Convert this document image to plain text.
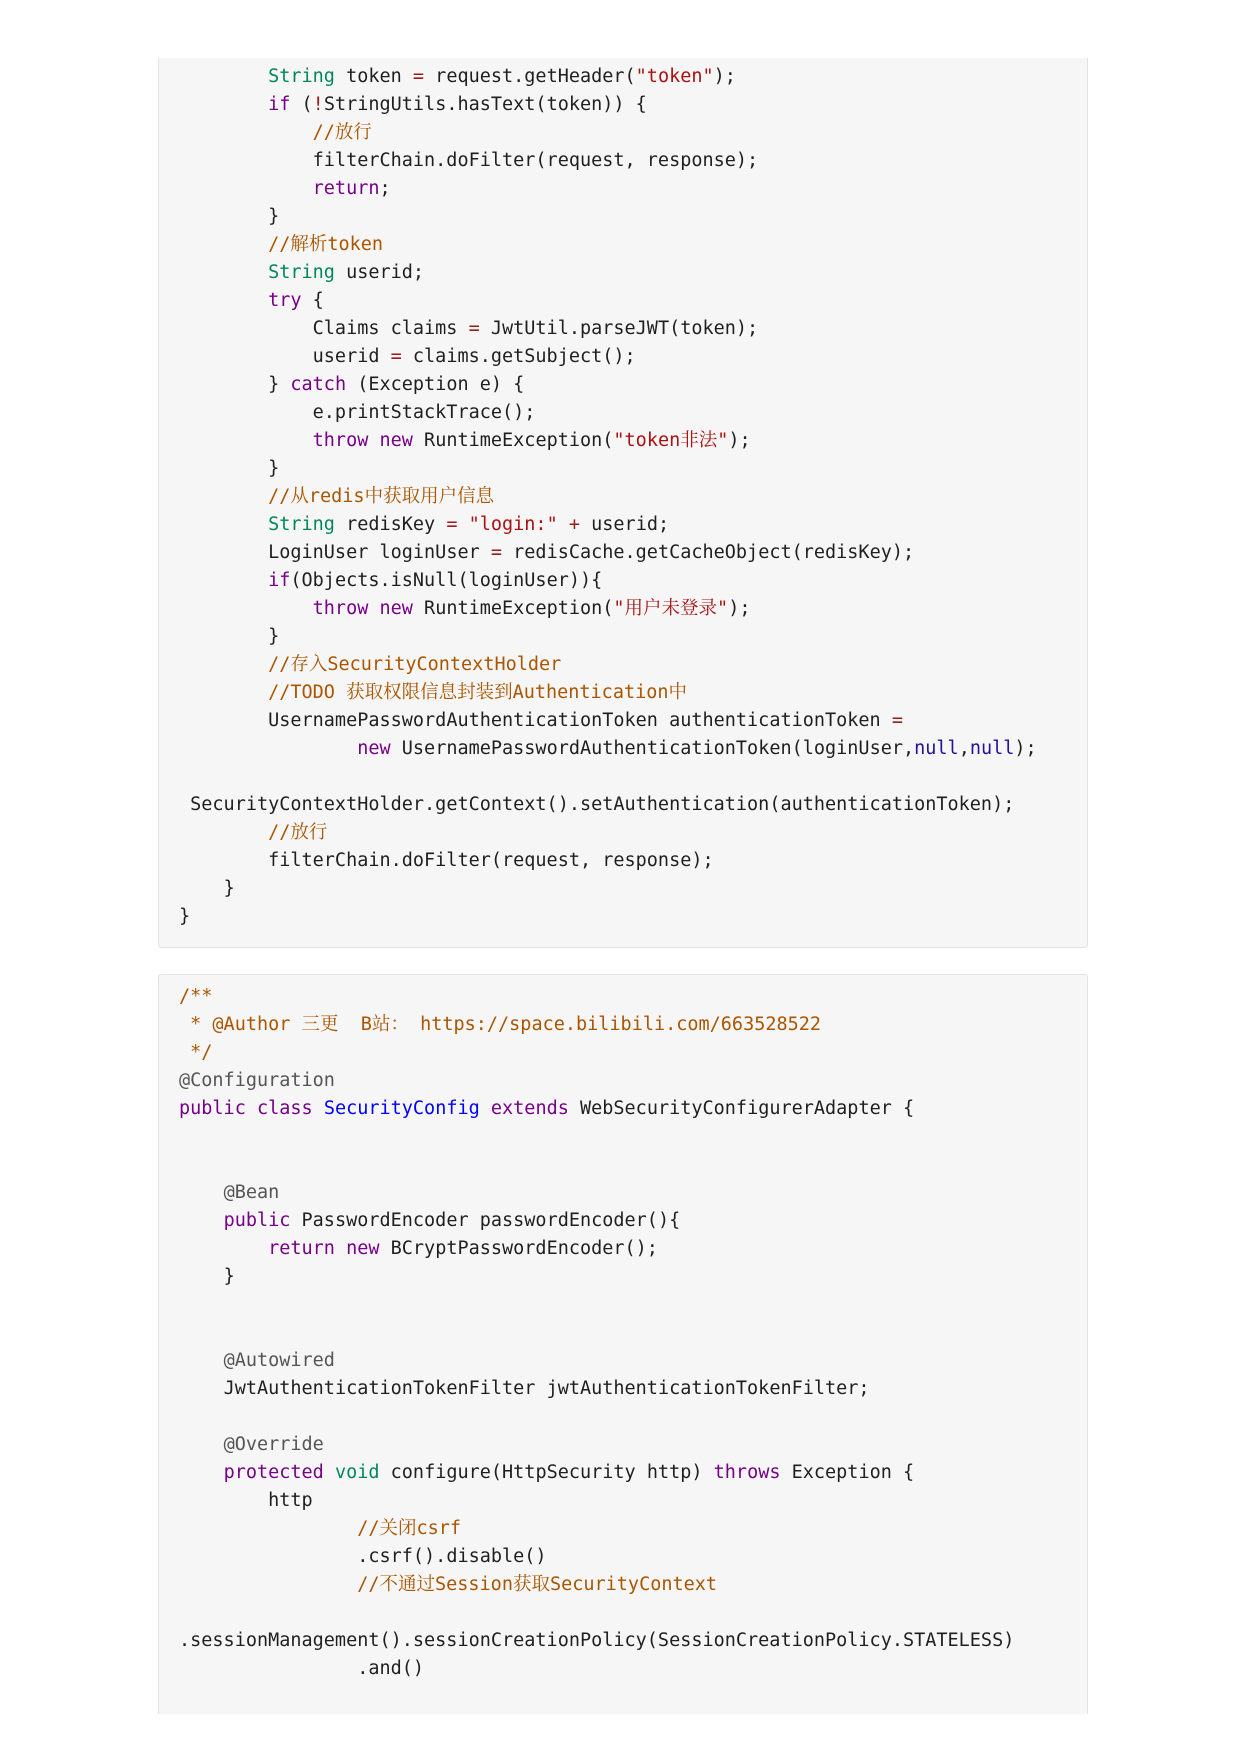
String token = request.getHeader("token");
if (!StringUtils.hasText(token)) {
//放行
filterChain.doFilter(request, response);
return;
}
//解析token
String userid;
try {
Claims claims = JwtUtil.parseJWT(token);
userid = claims.getSubject();
} catch (Exception e) {
e.printStackTrace();
throw new RuntimeException("token非法");
}
//从redis中获取用户信息
String redisKey = "login:" + userid;
LoginUser loginUser = redisCache.getCacheObject(redisKey);
if(Objects.isNull(loginUser)){
throw new RuntimeException("用户未登录");
}
//存入SecurityContextHolder
//TODO 获取权限信息封装到Authentication中
UsernamePasswordAuthenticationToken authenticationToken =
new UsernamePasswordAuthenticationToken(loginUser,null,null);
SecurityContextHolder.getContext().setAuthentication(authenticationToken);
//放行
filterChain.doFilter(request, response);
}
}
/**
* @Author 三更  B站： https://space.bilibili.com/663528522
*/
@Configuration
public class SecurityConfig extends WebSecurityConfigurerAdapter {
@Bean
public PasswordEncoder passwordEncoder(){
return new BCryptPasswordEncoder();
}
@Autowired
JwtAuthenticationTokenFilter jwtAuthenticationTokenFilter;
@Override
protected void configure(HttpSecurity http) throws Exception {
http
//关闭csrf
.csrf().disable()
//不通过Session获取SecurityContext
.sessionManagement().sessionCreationPolicy(SessionCreationPolicy.STATELESS)
.and()
